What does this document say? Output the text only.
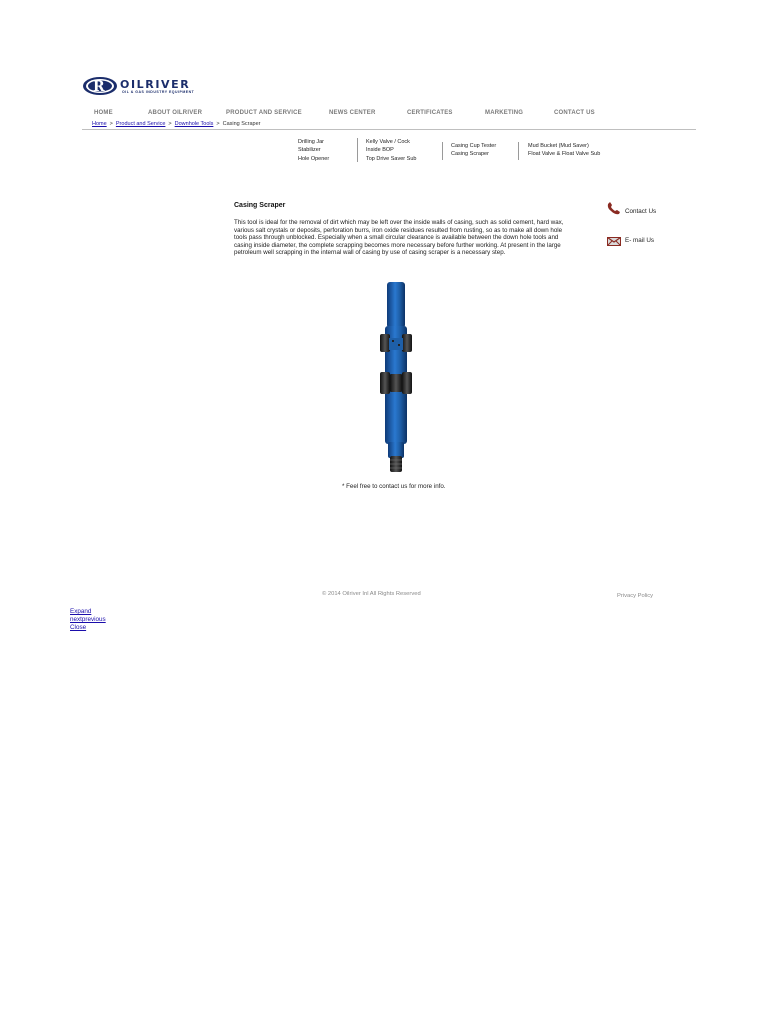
R OILRIVER
OIL & GAS INDUSTRY EQUIPMENT
HOME	ABOUT OILRIVER	PRODUCT AND SERVICE	NEWS CENTER	CERTIFICATES	MARKETING	CONTACT US
Home > Product and Service > Downhole Tools > Casing Scraper
Drilling Jar
Stabilizer
Hole Opener
Kelly Valve / Cock
Inside BOP
Top Drive Saver Sub
Casing Cup Tester
Casing Scraper
Mud Bucket (Mud Saver)
Float Valve & Float Valve Sub
Casing Scraper
This tool is ideal for the removal of dirt which may be left over the inside walls of casing, such as solid cement, hard wax, various salt crystals or deposits, perforation burrs, iron oxide residues resulted from rusting, so as to make all down hole tools pass through unblocked. Especially when a small circular clearance is available between the down hole tools and casing inside diameter, the complete scrapping becomes more necessary before further working. At present in the large petroleum well scrapping in the internal wall of casing by use of casing scraper is a necessary step.
* Feel free to contact us for more info.
Contact Us
E- mail Us
© 2014 Oilriver Inl All Rights Reserved	Privacy Policy
Expand
nextprevious
Close
